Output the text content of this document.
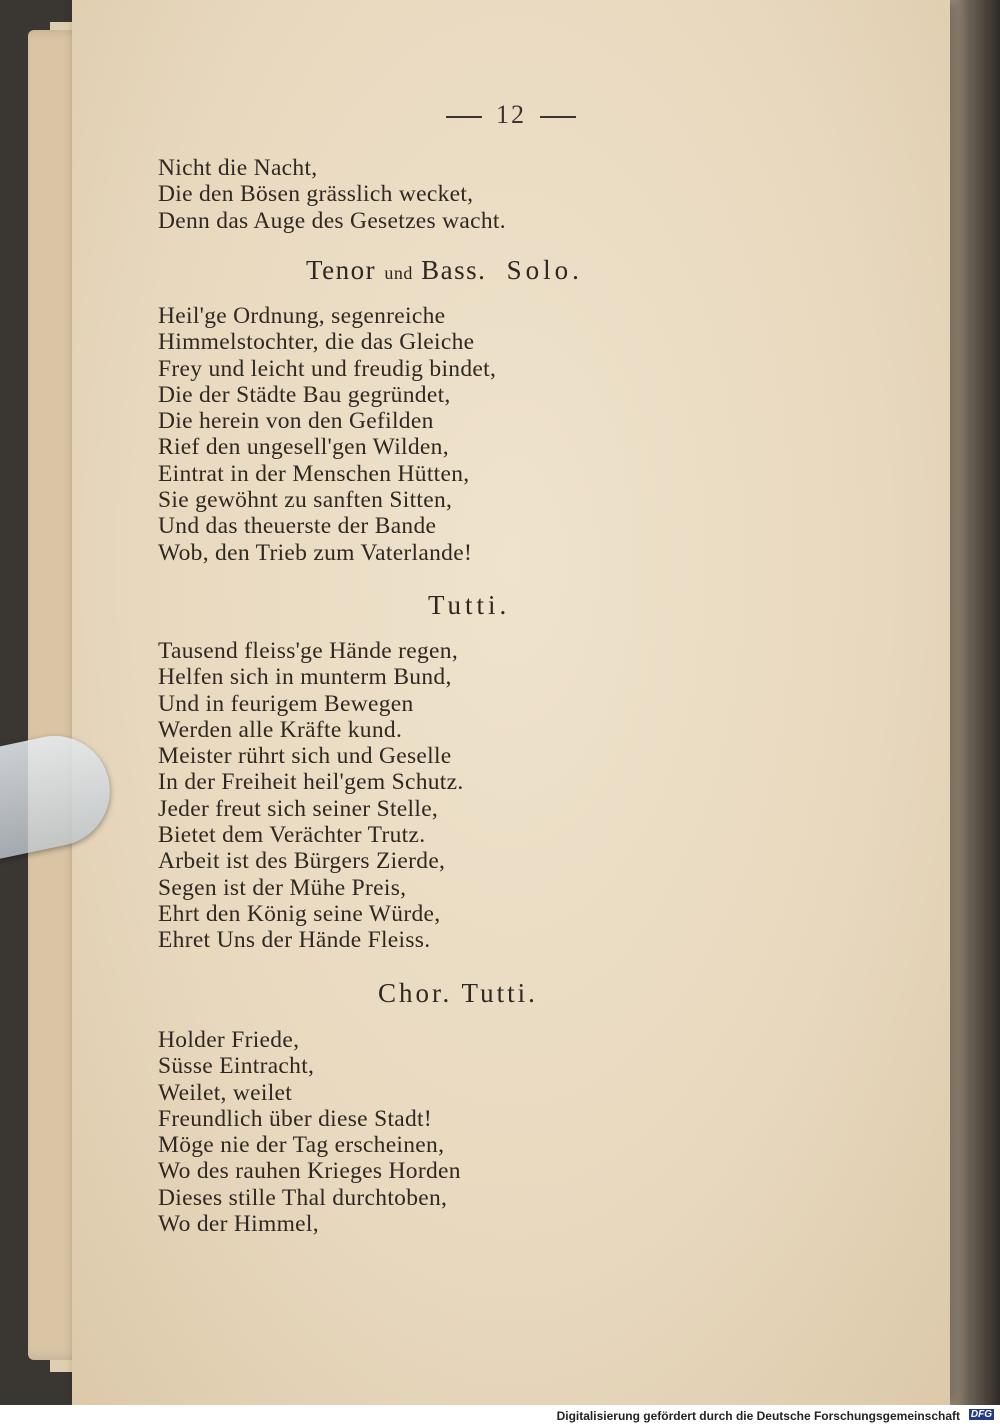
12
Nicht die Nacht,
Die den Bösen grässlich wecket,
Denn das Auge des Gesetzes wacht.
Tenor und Bass. Solo.
Heil'ge Ordnung, segenreiche
Himmelstochter, die das Gleiche
Frey und leicht und freudig bindet,
Die der Städte Bau gegründet,
Die herein von den Gefilden
Rief den ungesell'gen Wilden,
Eintrat in der Menschen Hütten,
Sie gewöhnt zu sanften Sitten,
Und das theuerste der Bande
Wob, den Trieb zum Vaterlande!
Tutti.
Tausend fleiss'ge Hände regen,
Helfen sich in munterm Bund,
Und in feurigem Bewegen
Werden alle Kräfte kund.
Meister rührt sich und Geselle
In der Freiheit heil'gem Schutz.
Jeder freut sich seiner Stelle,
Bietet dem Verächter Trutz.
Arbeit ist des Bürgers Zierde,
Segen ist der Mühe Preis,
Ehrt den König seine Würde,
Ehret Uns der Hände Fleiss.
Chor. Tutti.
Holder Friede,
Süsse Eintracht,
Weilet, weilet
Freundlich über diese Stadt!
Möge nie der Tag erscheinen,
Wo des rauhen Krieges Horden
Dieses stille Thal durchtoben,
Wo der Himmel,
Digitalisierung gefördert durch die Deutsche Forschungsgemeinschaft DFG
